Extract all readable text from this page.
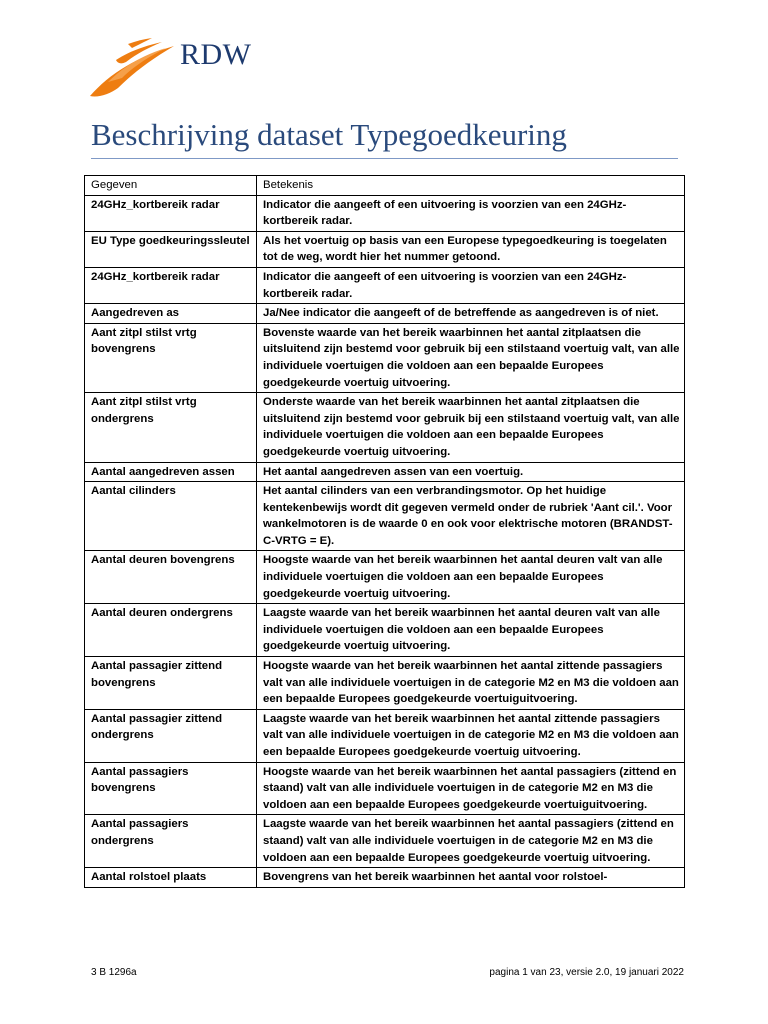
RDW
Beschrijving dataset Typegoedkeuring
Gegeven	Betekenis
24GHz_kortbereik radar	Indicator die aangeeft of een uitvoering is voorzien van een 24GHz-kortbereik radar.
EU Type goedkeuringssleutel	Als het voertuig op basis van een Europese typegoedkeuring is toegelaten tot de weg, wordt hier het nummer getoond.
24GHz_kortbereik radar	Indicator die aangeeft of een uitvoering is voorzien van een 24GHz-kortbereik radar.
Aangedreven as	Ja/Nee indicator die aangeeft of de betreffende as aangedreven is of niet.
Aant zitpl stilst vrtg bovengrens	Bovenste waarde van het bereik waarbinnen het aantal zitplaatsen die uitsluitend zijn bestemd voor gebruik bij een stilstaand voertuig valt, van alle individuele voertuigen die voldoen aan een bepaalde Europees goedgekeurde voertuig uitvoering.
Aant zitpl stilst vrtg ondergrens	Onderste waarde van het bereik waarbinnen het aantal zitplaatsen die uitsluitend zijn bestemd voor gebruik bij een stilstaand voertuig valt, van alle individuele voertuigen die voldoen aan een bepaalde Europees goedgekeurde voertuig uitvoering.
Aantal aangedreven assen	Het aantal aangedreven assen van een voertuig.
Aantal cilinders	Het aantal cilinders van een verbrandingsmotor. Op het huidige kentekenbewijs wordt dit gegeven vermeld onder de rubriek 'Aant cil.'. Voor wankelmotoren is de waarde 0 en ook voor elektrische motoren (BRANDST-C-VRTG = E).
Aantal deuren bovengrens	Hoogste waarde van het bereik waarbinnen het aantal deuren valt van alle individuele voertuigen die voldoen aan een bepaalde Europees goedgekeurde voertuig uitvoering.
Aantal deuren ondergrens	Laagste waarde van het bereik waarbinnen het aantal deuren valt van alle individuele voertuigen die voldoen aan een bepaalde Europees goedgekeurde voertuig uitvoering.
Aantal passagier zittend bovengrens	Hoogste waarde van het bereik waarbinnen het aantal zittende passagiers valt van alle individuele voertuigen in de categorie M2 en M3 die voldoen aan een bepaalde Europees goedgekeurde voertuiguitvoering.
Aantal passagier zittend ondergrens	Laagste waarde van het bereik waarbinnen het aantal zittende passagiers valt van alle individuele voertuigen in de categorie M2 en M3 die voldoen aan een bepaalde Europees goedgekeurde voertuig uitvoering.
Aantal passagiers bovengrens	Hoogste waarde van het bereik waarbinnen het aantal passagiers (zittend en staand) valt van alle individuele voertuigen in de categorie M2 en M3 die voldoen aan een bepaalde Europees goedgekeurde voertuiguitvoering.
Aantal passagiers ondergrens	Laagste waarde van het bereik waarbinnen het aantal passagiers (zittend en staand) valt van alle individuele voertuigen in de categorie M2 en M3 die voldoen aan een bepaalde Europees goedgekeurde voertuig uitvoering.
Aantal rolstoel plaats	Bovengrens van het bereik waarbinnen het aantal voor rolstoel-
3 B 1296a	pagina 1 van 23, versie 2.0, 19 januari 2022
